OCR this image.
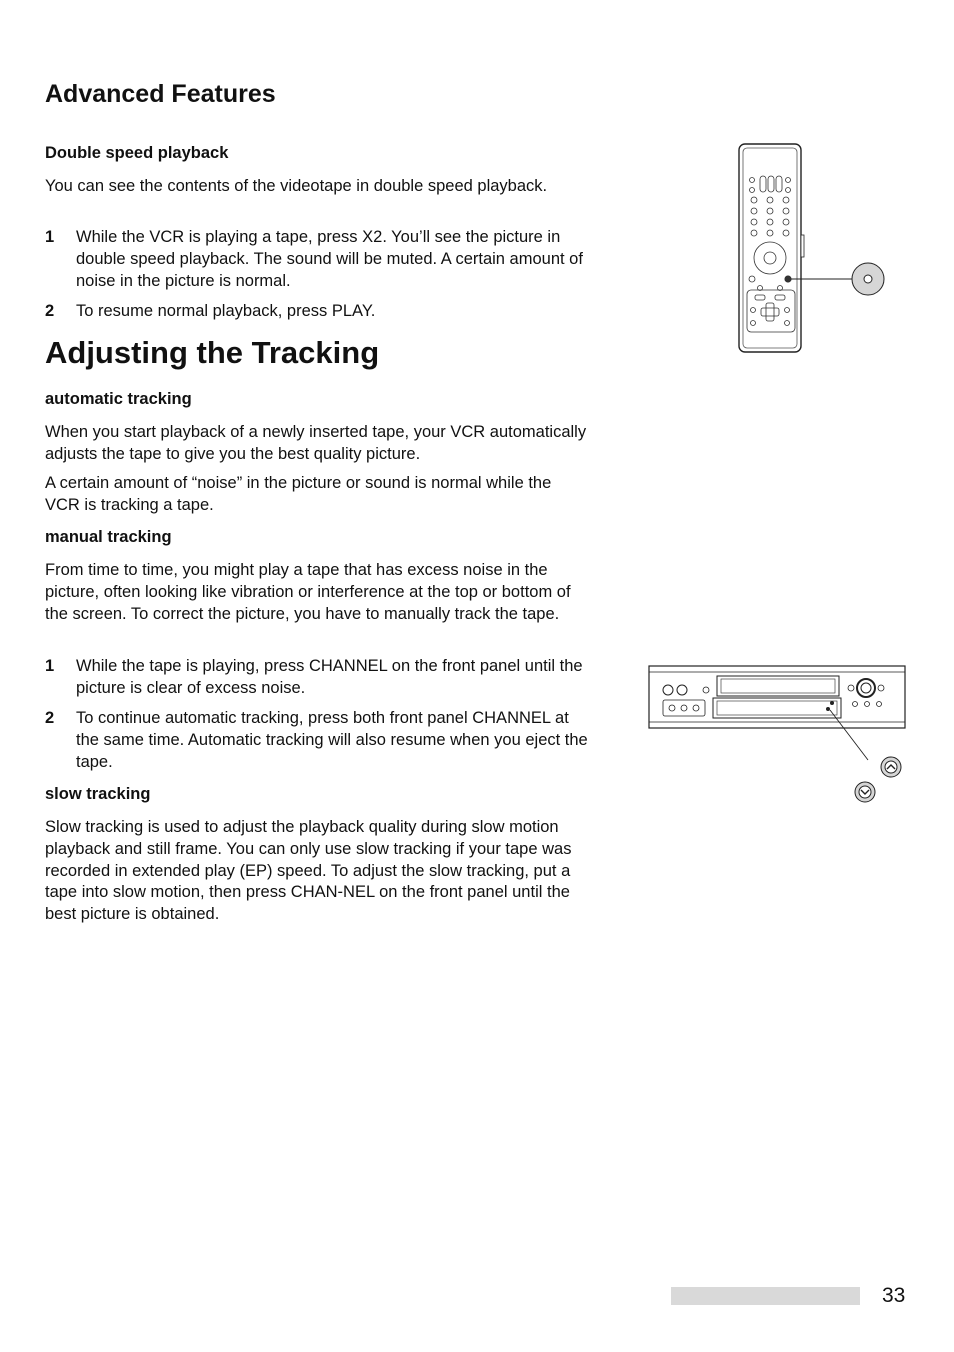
Advanced Features
Double speed playback

You can see the contents of the videotape in double speed playback.

1 While the VCR is playing a tape, press X2. You’ll see the picture in double speed playback. The sound will be muted. A certain amount of noise in the picture is normal.
2 To resume normal playback, press PLAY.
Adjusting the Tracking
automatic tracking

When you start playback of a newly inserted tape, your VCR automatically adjusts the tape to give you the best quality picture.

A certain amount of “noise” in the picture or sound is normal while the VCR is tracking a tape.

manual tracking

From time to time, you might play a tape that has excess noise in the picture, often looking like vibration or interference at the top or bottom of the screen. To correct the picture, you have to manually track the tape.

1 While the tape is playing, press CHANNEL on the front panel until the picture is clear of excess noise.
2 To continue automatic tracking, press both front panel CHANNEL at the same time. Automatic tracking will also resume when you eject the tape.
slow tracking

Slow tracking is used to adjust the playback quality during slow motion playback and still frame. You can only use slow tracking if your tape was recorded in extended play (EP) speed. To adjust the slow tracking, put a tape into slow motion, then press CHAN-NEL on the front panel until the best picture is obtained.

33
